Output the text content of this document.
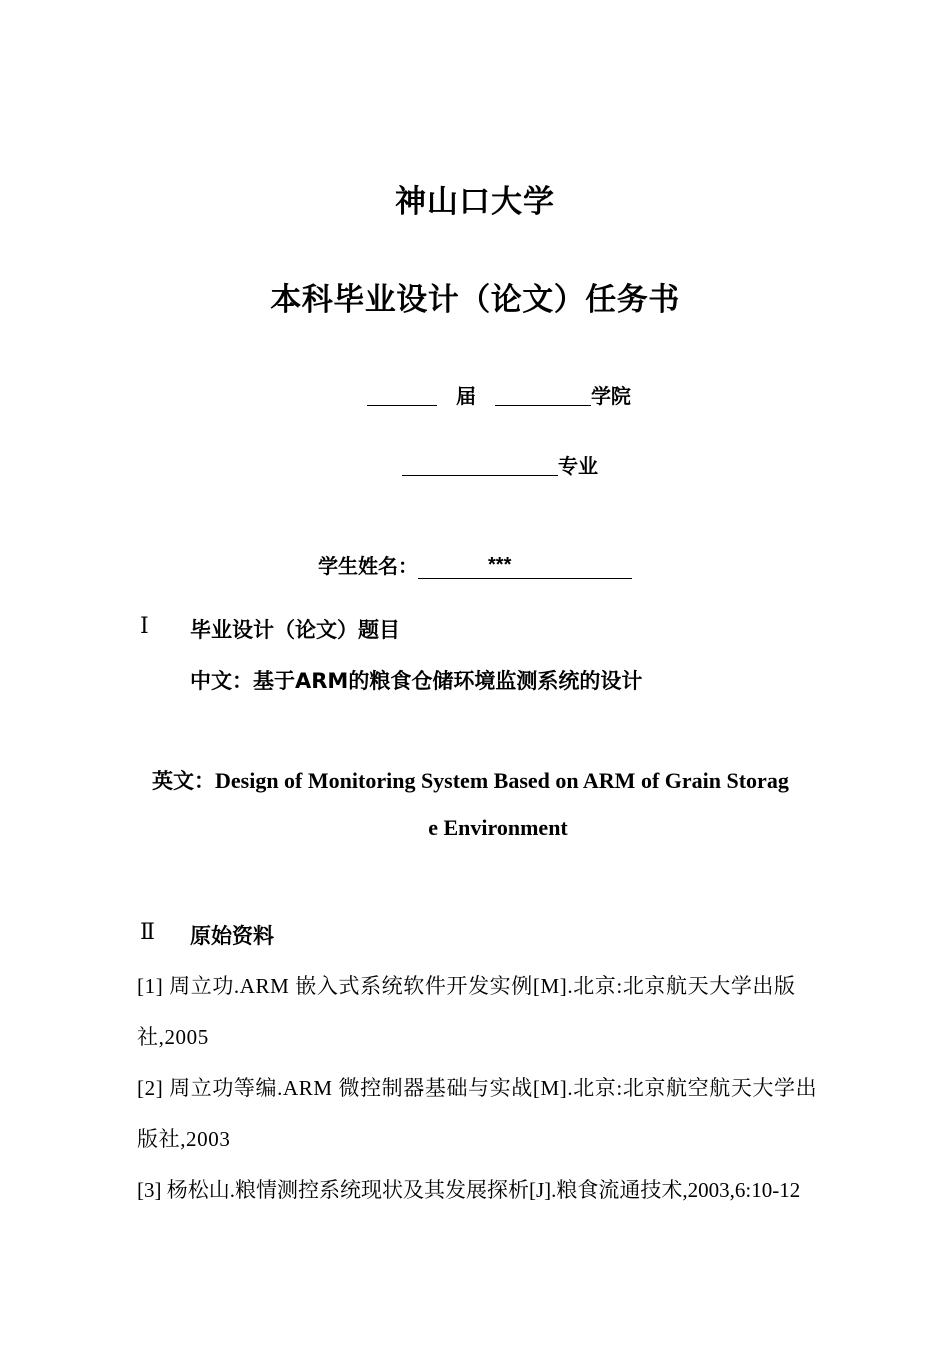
神山口大学
本科毕业设计（论文）任务书
届	学院
专业
学生姓名：	***
Ⅰ 毕业设计（论文）题目
中文：基于ARM的粮食仓储环境监测系统的设计
英文：Design of Monitoring System Based on ARM of Grain Storag
e Environment
Ⅱ 原始资料
[1] 周立功.ARM 嵌入式系统软件开发实例[M].北京:北京航天大学出版
社,2005
[2] 周立功等编.ARM 微控制器基础与实战[M].北京:北京航空航天大学出
版社,2003
[3] 杨松山.粮情测控系统现状及其发展探析[J].粮食流通技术,2003,6:10-12
